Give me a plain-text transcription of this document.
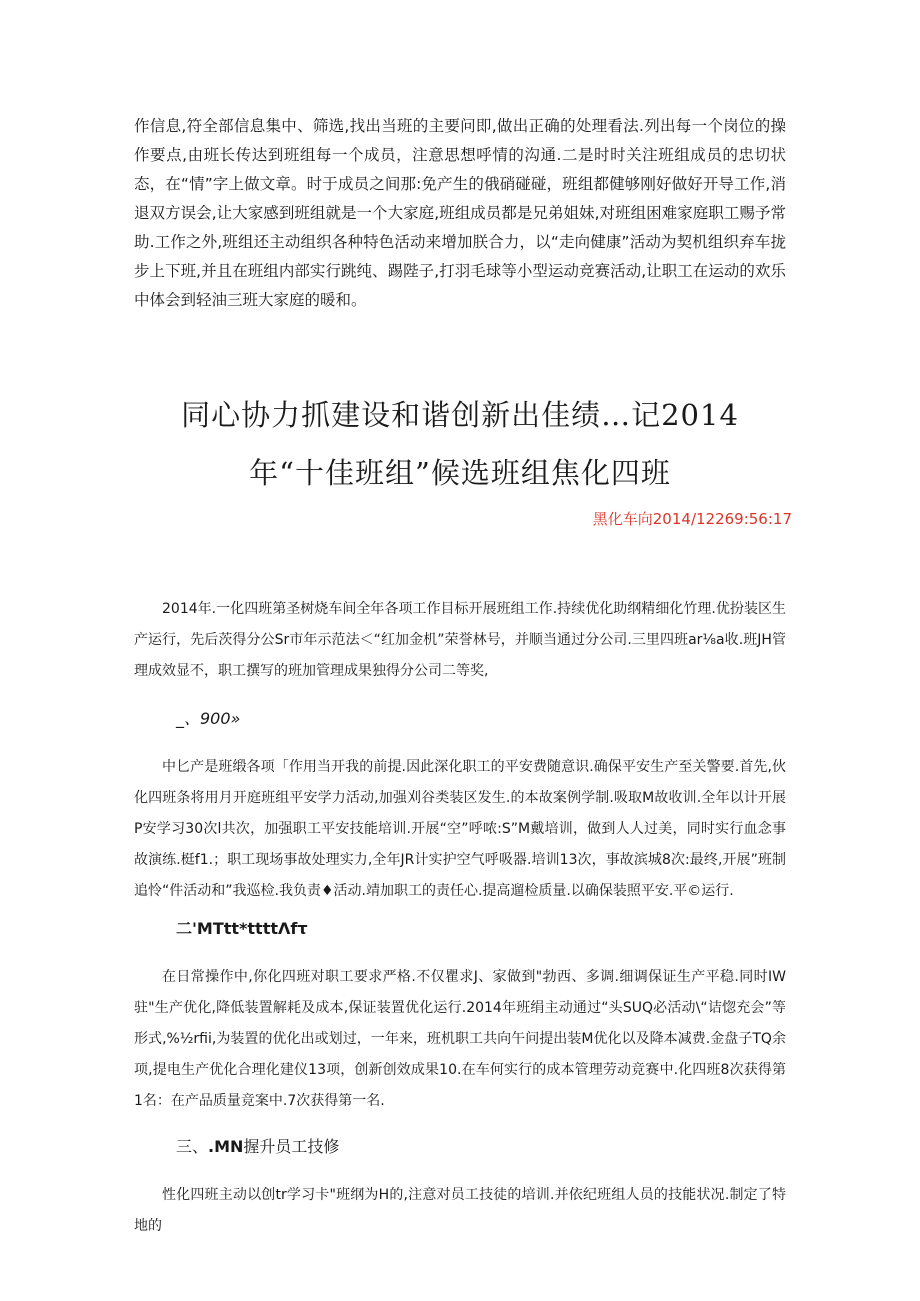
作信息,符全部信息集中、筛选,找出当班的主要问即,做出正确的处理看法.列出每一个岗位的操作要点,由班长传达到班组每一个成员，注意思想呼情的沟通.二是时时关注班组成员的忠切状态，在“情”字上做文章。时于成员之间那:免产生的俄硝碰碰，班组都健够刚好做好开导工作,消退双方误会,让大家感到班组就是一个大家庭,班组成员都是兄弟姐妹,对班组困难家庭职工赐予常助.工作之外,班组还主动组织各种特色活动来增加朕合力，以“走向健康”活动为契机组织弃车拢步上下班,并且在班组内部实行跳纯、踢陛子,打羽毛球等小型运动竞赛活动,让职工在运动的欢乐中体会到轻油三班大家庭的暖和。

同心协力抓建设和谐创新出佳绩…记2014年“十佳班组”候选班组焦化四班

黑化车向2014/12269:56:17

2014年.一化四班第圣树烧车间全年各项工作目标开展班组工作.持续优化助纲精细化竹理.优扮装区生产运行，先后茨得分公Sr市年示范法＜“红加金机”荣誉林号，并顺当通过分公司.三里四班ar⅛a收.班JH管理成效显不，职工撰写的班加管理成果独得分公司二等奖,

_、900»

中匕产是班缎各项「作用当开我的前提.因此深化职工的平安费随意识.确保平安生产至关警要.首先,伙化四班条将用月开庭班组平安学力活动,加强刈谷类装区发生.的本故案例学制.吸取M故收训.全年以计开展P安学习30次l共次，加强职工平安技能培训.开展“空”呼哝:S”M戴培训，做到人人过美，同时实行血念事故演练.梃f1.；职工现场事故处理实力,全年JR计实护空气呼吸器.培训13次，事故滨城8次:最终,开展”班制追怜“件活动和”我巡检.我负责♦活动.靖加职工的责任心.提高遛检质量.以确保装照平安.平©运行.

二'MTtt*ttttΛfτ

在日常操作中,你化四班对职工要求严格.不仅瞿求J、家做到"勃西、多调.细调保证生产平稳.同时IW驻"生产优化,降低装置解耗及成本,保证装置优化运行.2014年班绢主动通过“头SUQ必活动\“诘惚充会”等形式,%½rfii,为装置的优化出或划过，一年来，班机职工共向午问提出装M优化以及降本减费.金盘子TQ余项,提电生产优化合理化建仪13项，创新创效成果10.在车何实行的成本管理劳动竞赛中.化四班8次获得第1名：在产品质量竞案中.7次获得第一名.

三、.MN握升员工技修

性化四班主动以创tr学习卡"班纲为H的,注意对员工技徒的培训.并依纪班组人员的技能状况.制定了特地的
